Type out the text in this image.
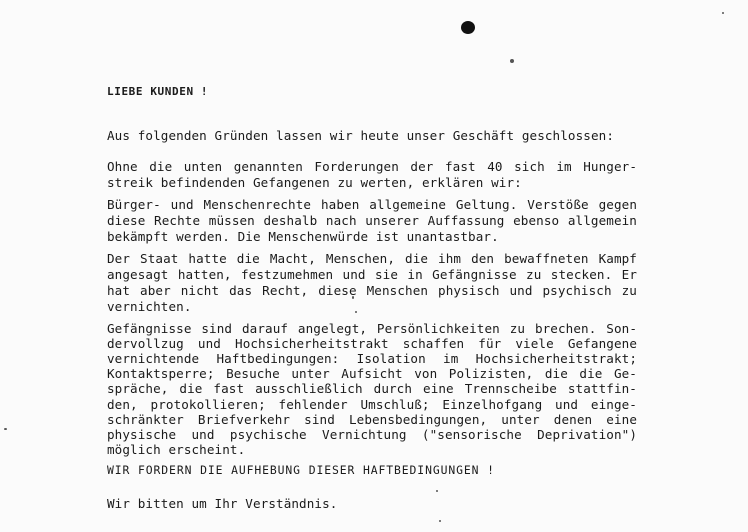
LIEBE KUNDEN !
Aus folgenden Gründen lassen wir heute unser Geschäft geschlossen:
Ohne die unten genannten Forderungen der fast 40 sich im Hunger-
streik befindenden Gefangenen zu werten, erklären wir:
Bürger- und Menschenrechte haben allgemeine Geltung. Verstöße gegen
diese Rechte müssen deshalb nach unserer Auffassung ebenso allgemein
bekämpft werden. Die Menschenwürde ist unantastbar.
Der Staat hatte die Macht, Menschen, die ihm den bewaffneten Kampf
angesagt hatten, festzumehmen und sie in Gefängnisse zu stecken. Er
hat aber nicht das Recht, diese Menschen physisch und psychisch zu
vernichten.
Gefängnisse sind darauf angelegt, Persönlichkeiten zu brechen. Son-
dervollzug und Hochsicherheitstrakt schaffen für viele Gefangene
vernichtende Haftbedingungen: Isolation im Hochsicherheitstrakt;
Kontaktsperre; Besuche unter Aufsicht von Polizisten, die die Ge-
spräche, die fast ausschließlich durch eine Trennscheibe stattfin-
den, protokollieren; fehlender Umschluß; Einzelhofgang und einge-
schränkter Briefverkehr sind Lebensbedingungen, unter denen eine
physische und psychische Vernichtung ("sensorische Deprivation")
möglich erscheint.
WIR FORDERN DIE AUFHEBUNG DIESER HAFTBEDINGUNGEN !
Wir bitten um Ihr Verständnis.
